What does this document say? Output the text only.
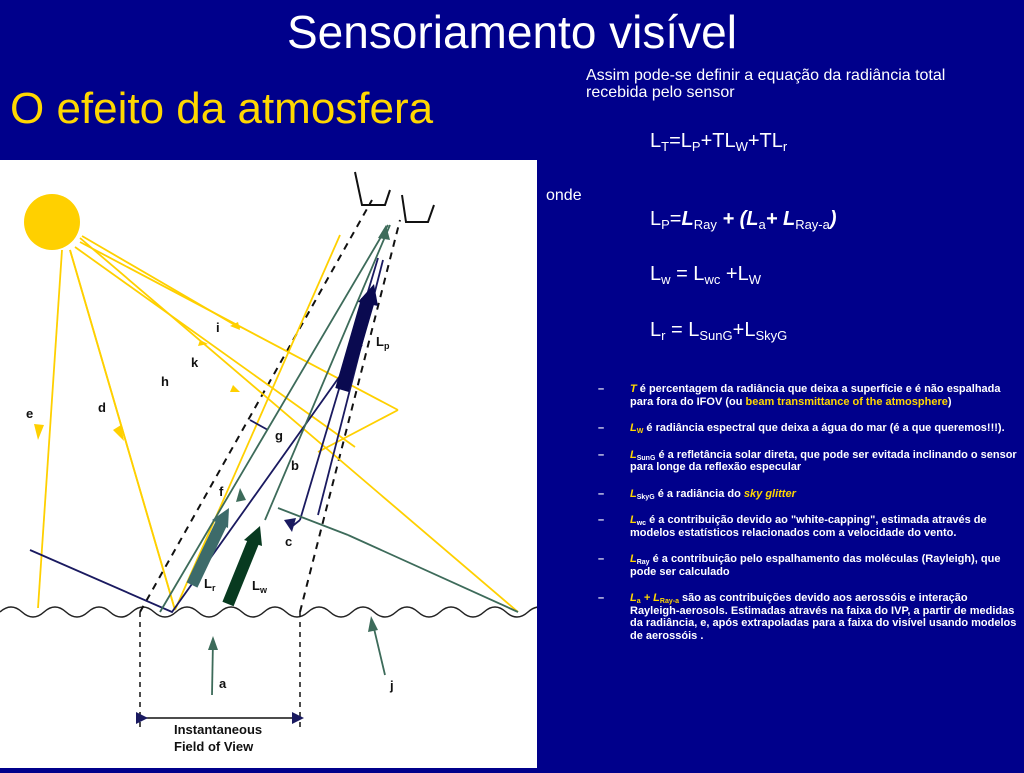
Sensoriamento visível
O efeito da atmosfera
Assim pode-se definir a equação da radiância total recebida pelo sensor
$L_T=L_P+TL_W+TL_r$
onde
$L_P=L_{Ray} + (L_a+ L_{Ray-a})$
$L_w = L_{wc} +L_W$
$L_r = L_{SunG}+L_{SkyG}$
– T é percentagem da radiância que deixa a superfície e é não espalhada para fora do IFOV (ou beam transmittance of the atmosphere)
– $L_W$ é radiância espectral que deixa a água do mar (é a que queremos!!!).
– $L_{SunG}$ é a refletância solar direta, que pode ser evitada inclinando o sensor para longe da reflexão especular
– $L_{SkyG}$ é a radiância do sky glitter
– $L_{wc}$ é a contribuição devido ao "white-capping", estimada através de modelos estatísticos relacionados com a velocidade do vento.
– $L_{Ray}$ é a contribuição pelo espalhamento das moléculas (Rayleigh), que pode ser calculado
– $L_a + L_{Ray-a}$ são as contribuições devido aos aerossóis e interação Rayleigh-aerosols. Estimadas através na faixa do IVP, a partir de medidas da radiância, e, após extrapoladas para a faixa do visível usando modelos de aerossóis .
i
k
h
e	d
g
b
f
c
a	j
$L_p$
$L_r$	$L_w$
Instantaneous
Field of View
